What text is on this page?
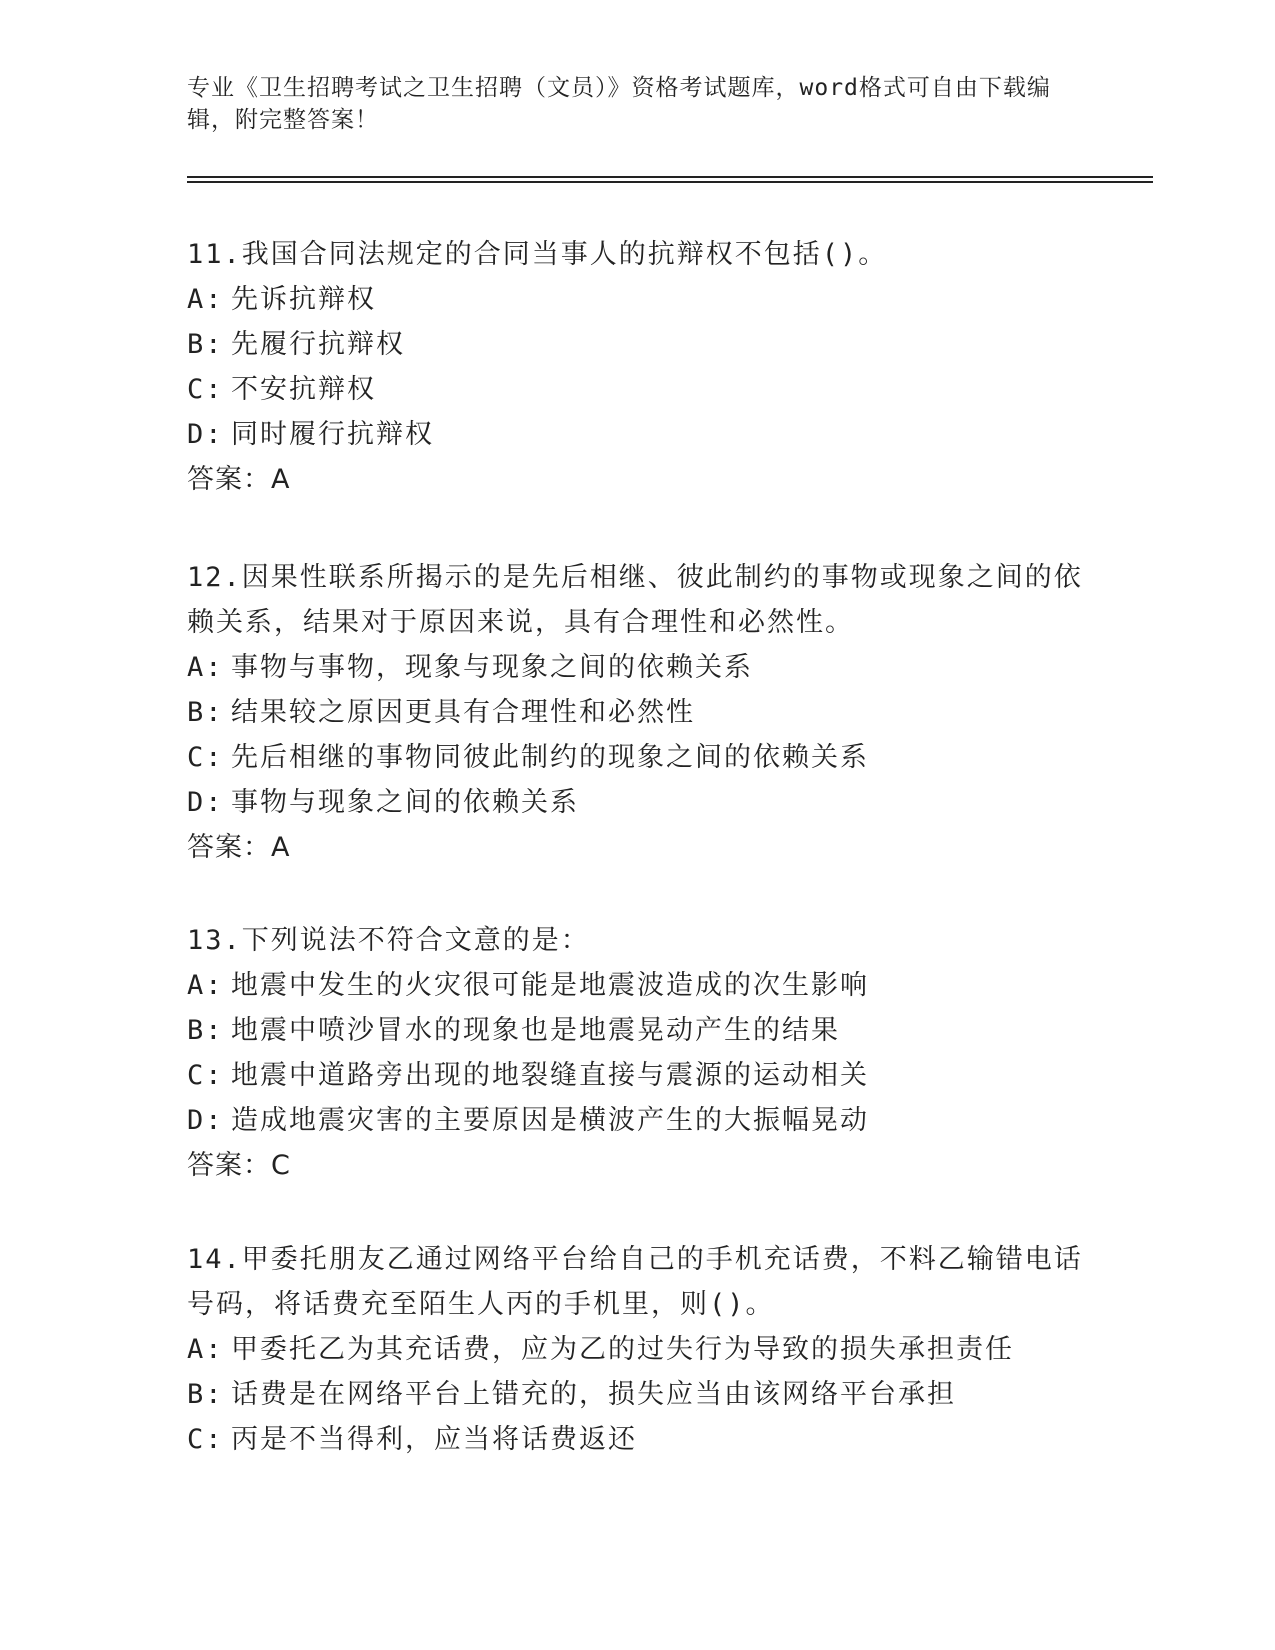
专业《卫生招聘考试之卫生招聘（文员）》资格考试题库，word格式可自由下载编辑，附完整答案！

11.我国合同法规定的合同当事人的抗辩权不包括()。

A: 先诉抗辩权

B: 先履行抗辩权

C: 不安抗辩权

D: 同时履行抗辩权

答案：A

12.因果性联系所揭示的是先后相继、彼此制约的事物或现象之间的依赖关系，结果对于原因来说，具有合理性和必然性。

A: 事物与事物，现象与现象之间的依赖关系

B: 结果较之原因更具有合理性和必然性

C: 先后相继的事物同彼此制约的现象之间的依赖关系

D: 事物与现象之间的依赖关系

答案：A

13.下列说法不符合文意的是：

A: 地震中发生的火灾很可能是地震波造成的次生影响

B: 地震中喷沙冒水的现象也是地震晃动产生的结果

C: 地震中道路旁出现的地裂缝直接与震源的运动相关

D: 造成地震灾害的主要原因是横波产生的大振幅晃动

答案：C

14.甲委托朋友乙通过网络平台给自己的手机充话费，不料乙输错电话号码，将话费充至陌生人丙的手机里，则()。

A: 甲委托乙为其充话费，应为乙的过失行为导致的损失承担责任

B: 话费是在网络平台上错充的，损失应当由该网络平台承担

C: 丙是不当得利，应当将话费返还
